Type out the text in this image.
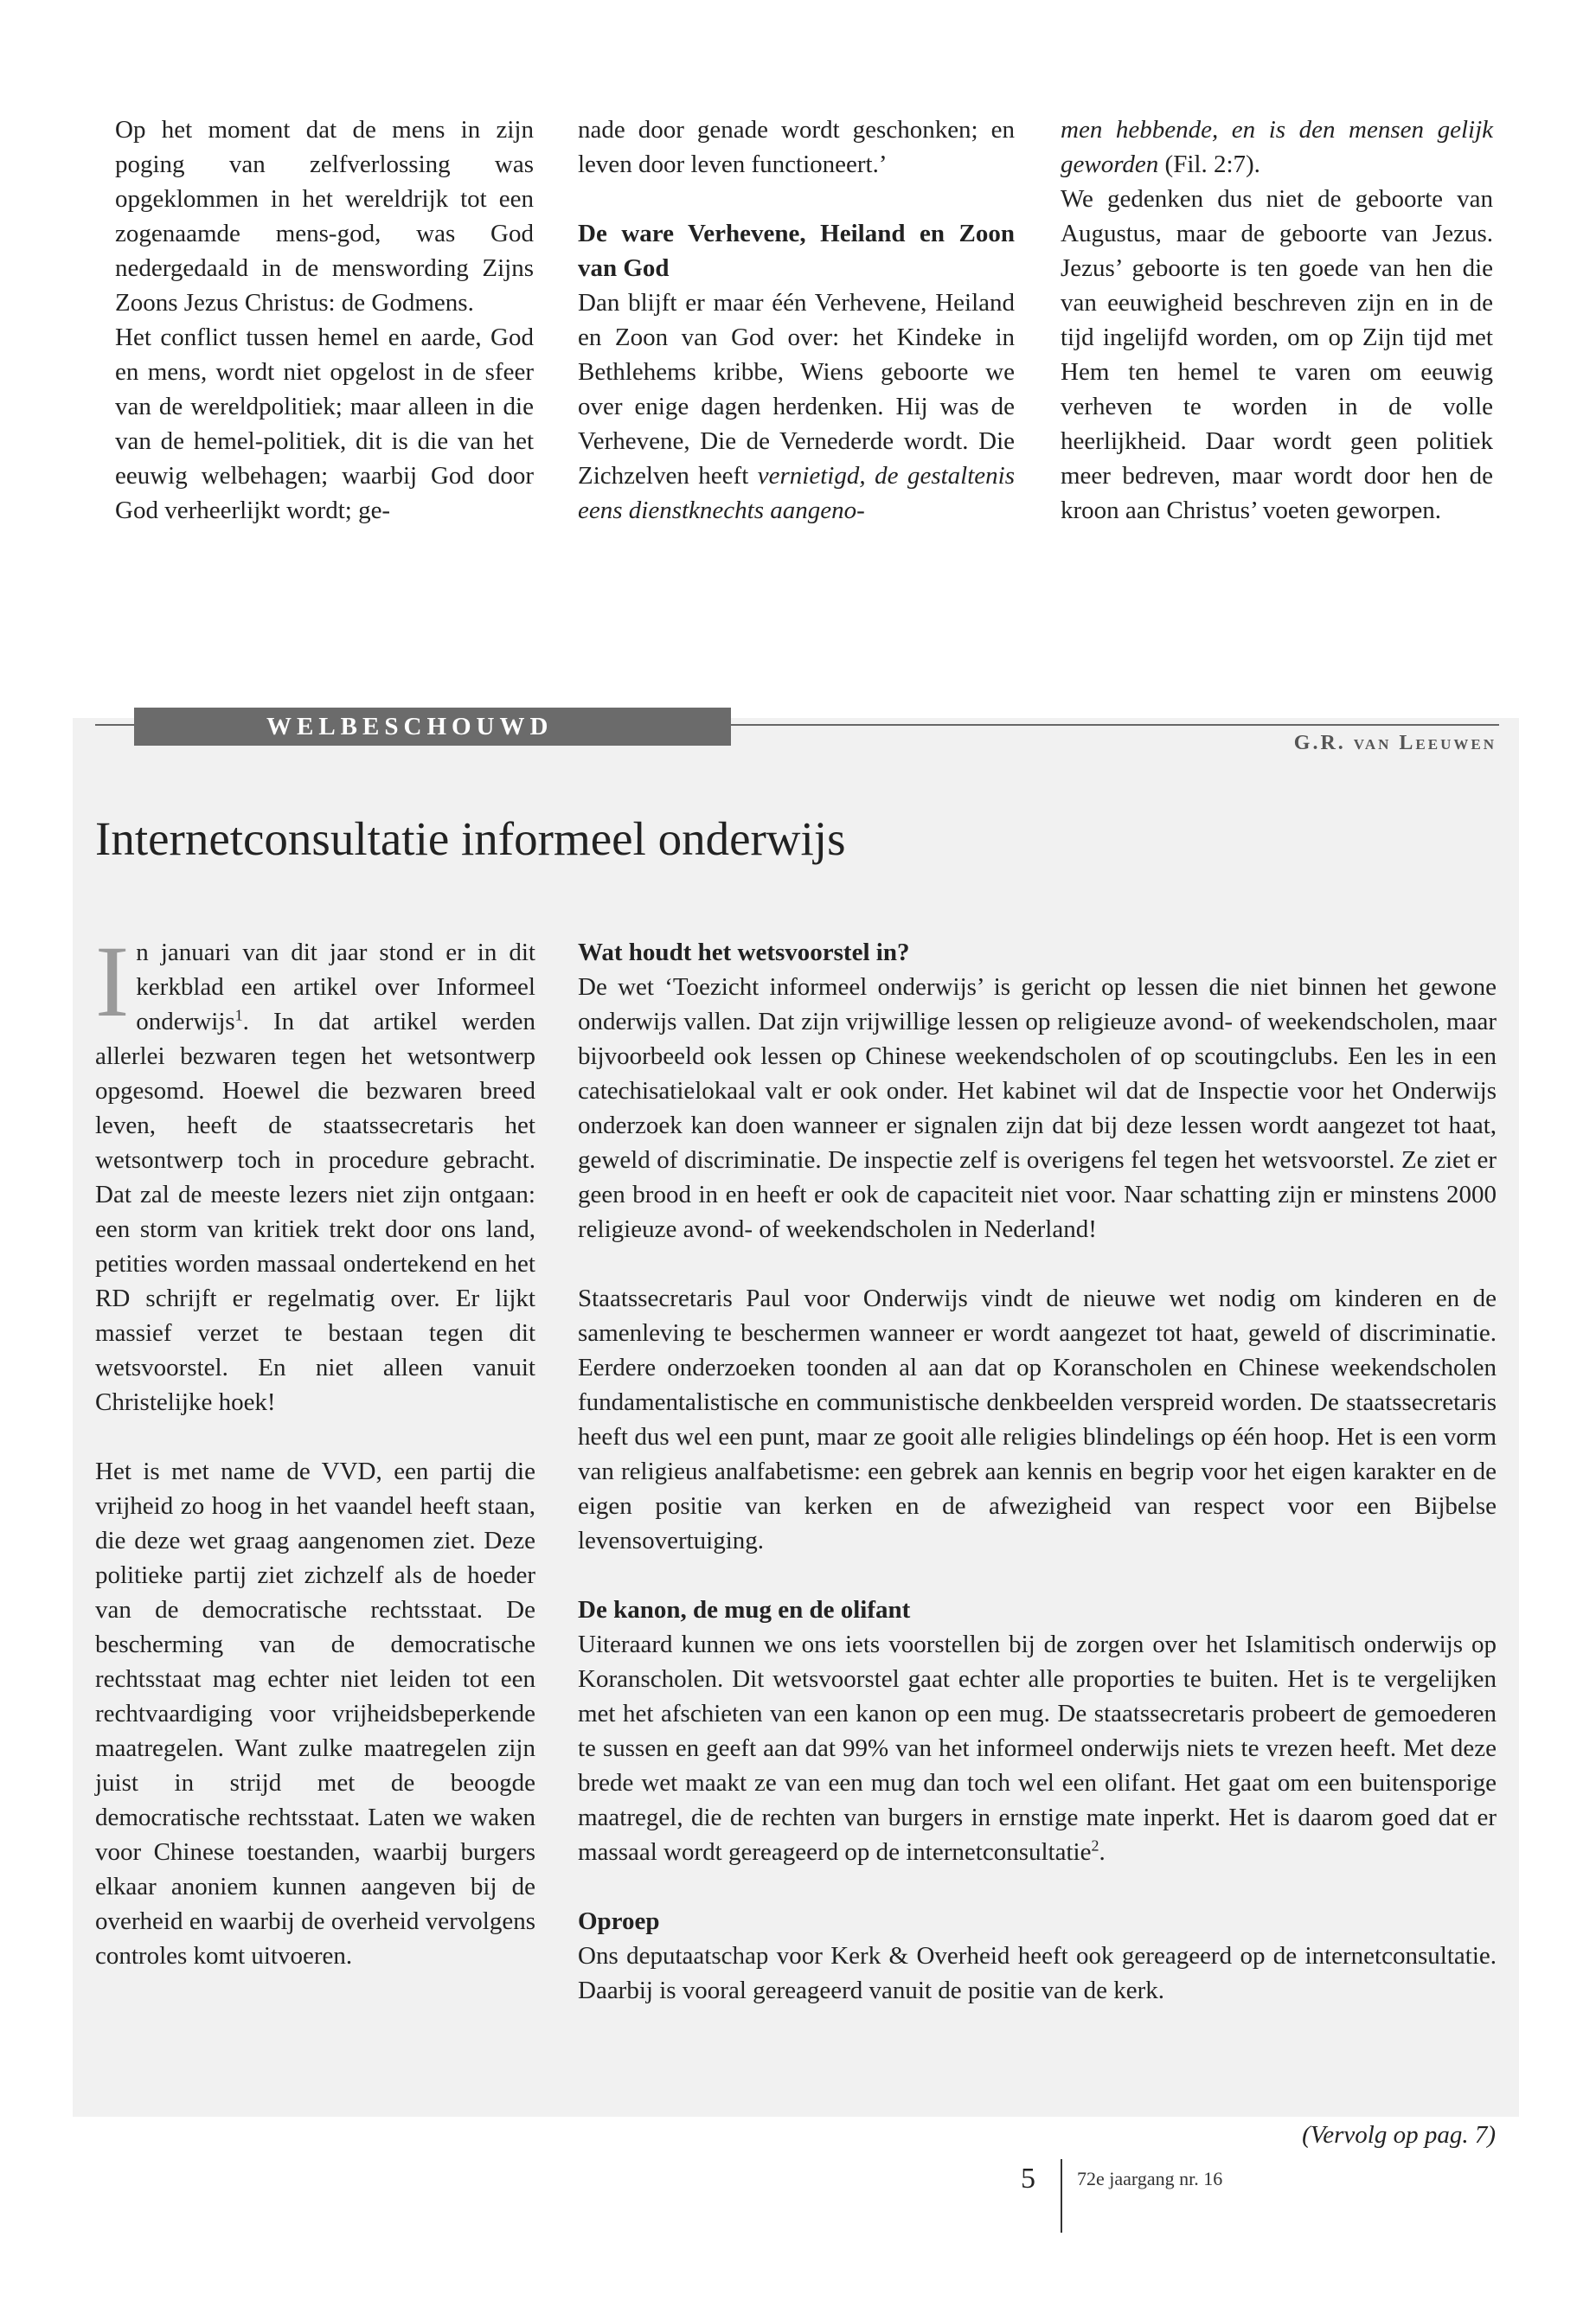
Op het moment dat de mens in zijn poging van zelfverlossing was opgeklommen in het wereldrijk tot een zogenaamde mens-god, was God nedergedaald in de menswording Zijns Zoons Jezus Christus: de Godmens.

Het conflict tussen hemel en aarde, God en mens, wordt niet opgelost in de sfeer van de wereldpolitiek; maar alleen in die van de hemel-politiek, dit is die van het eeuwig welbehagen; waarbij God door God verheerlijkt wordt; ge-

nade door genade wordt geschonken; en leven door leven functioneert.’

De ware Verhevene, Heiland en Zoon van God

Dan blijft er maar één Verhevene, Heiland en Zoon van God over: het Kindeke in Bethlehems kribbe, Wiens geboorte we over enige dagen herdenken. Hij was de Verhevene, Die de Vernederde wordt. Die Zichzelven heeft vernietigd, de gestaltenis eens dienstknechts aangeno-

men hebbende, en is den mensen gelijk geworden (Fil. 2:7).

We gedenken dus niet de geboorte van Augustus, maar de geboorte van Jezus. Jezus’ geboorte is ten goede van hen die van eeuwigheid beschreven zijn en in de tijd ingelijfd worden, om op Zijn tijd met Hem ten hemel te varen om eeuwig verheven te worden in de volle heerlijkheid. Daar wordt geen politiek meer bedreven, maar wordt door hen de kroon aan Christus’ voeten geworpen.

WELBESCHOUWD
G.R. van Leeuwen
Internetconsultatie informeel onderwijs

In januari van dit jaar stond er in dit kerkblad een artikel over Informeel onderwijs$^1$. In dat artikel werden allerlei bezwaren tegen het wetsontwerp opgesomd. Hoewel die bezwaren breed leven, heeft de staatssecretaris het wetsontwerp toch in procedure gebracht. Dat zal de meeste lezers niet zijn ontgaan: een storm van kritiek trekt door ons land, petities worden massaal ondertekend en het RD schrijft er regelmatig over. Er lijkt massief verzet te bestaan tegen dit wetsvoorstel. En niet alleen vanuit Christelijke hoek!

Het is met name de VVD, een partij die vrijheid zo hoog in het vaandel heeft staan, die deze wet graag aangenomen ziet. Deze politieke partij ziet zichzelf als de hoeder van de democratische rechtsstaat. De bescherming van de democratische rechtsstaat mag echter niet leiden tot een rechtvaardiging voor vrijheidsbeperkende maatregelen. Want zulke maatregelen zijn juist in strijd met de beoogde democratische rechtsstaat. Laten we waken voor Chinese toestanden, waarbij burgers elkaar anoniem kunnen aangeven bij de overheid en waarbij de overheid vervolgens controles komt uitvoeren.

Wat houdt het wetsvoorstel in?

De wet ‘Toezicht informeel onderwijs’ is gericht op lessen die niet binnen het gewone onderwijs vallen. Dat zijn vrijwillige lessen op religieuze avond- of weekendscholen, maar bijvoorbeeld ook lessen op Chinese weekendscholen of op scoutingclubs. Een les in een catechisatielokaal valt er ook onder. Het kabinet wil dat de Inspectie voor het Onderwijs onderzoek kan doen wanneer er signalen zijn dat bij deze lessen wordt aangezet tot haat, geweld of discriminatie. De inspectie zelf is overigens fel tegen het wetsvoorstel. Ze ziet er geen brood in en heeft er ook de capaciteit niet voor. Naar schatting zijn er minstens 2000 religieuze avond- of weekendscholen in Nederland!

Staatssecretaris Paul voor Onderwijs vindt de nieuwe wet nodig om kinderen en de samenleving te beschermen wanneer er wordt aangezet tot haat, geweld of discriminatie. Eerdere onderzoeken toonden al aan dat op Koranscholen en Chinese weekendscholen fundamentalistische en communistische denkbeelden verspreid worden. De staatssecretaris heeft dus wel een punt, maar ze gooit alle religies blindelings op één hoop. Het is een vorm van religieus analfabetisme: een gebrek aan kennis en begrip voor het eigen karakter en de eigen positie van kerken en de afwezigheid van respect voor een Bijbelse levensovertuiging.

De kanon, de mug en de olifant

Uiteraard kunnen we ons iets voorstellen bij de zorgen over het Islamitisch onderwijs op Koranscholen. Dit wetsvoorstel gaat echter alle proporties te buiten. Het is te vergelijken met het afschieten van een kanon op een mug. De staatssecretaris probeert de gemoederen te sussen en geeft aan dat 99% van het informeel onderwijs niets te vrezen heeft. Met deze brede wet maakt ze van een mug dan toch wel een olifant. Het gaat om een buitensporige maatregel, die de rechten van burgers in ernstige mate inperkt. Het is daarom goed dat er massaal wordt gereageerd op de internetconsultatie$^2$.

Oproep

Ons deputaatschap voor Kerk & Overheid heeft ook gereageerd op de internetconsultatie. Daarbij is vooral gereageerd vanuit de positie van de kerk.

(Vervolg op pag. 7)
5 72e jaargang nr. 16
